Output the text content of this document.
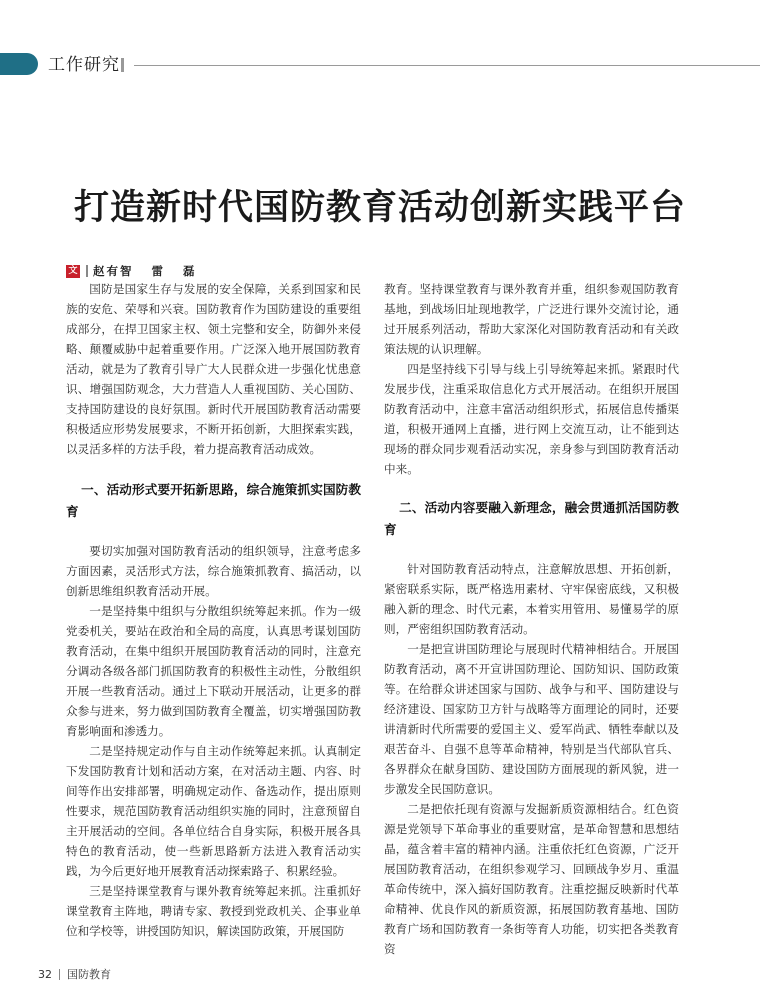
工作研究
打造新时代国防教育活动创新实践平台
文 赵有智   雷   磊

国防是国家生存与发展的安全保障，关系到国家和民族的安危、荣辱和兴衰。国防教育作为国防建设的重要组成部分，在捍卫国家主权、领土完整和安全，防御外来侵略、颠覆威胁中起着重要作用。广泛深入地开展国防教育活动，就是为了教育引导广大人民群众进一步强化忧患意识、增强国防观念，大力营造人人重视国防、关心国防、支持国防建设的良好氛围。新时代开展国防教育活动需要积极适应形势发展要求，不断开拓创新，大胆探索实践，以灵活多样的方法手段，着力提高教育活动成效。

一、活动形式要开拓新思路，综合施策抓实国防教育

要切实加强对国防教育活动的组织领导，注意考虑多方面因素，灵活形式方法，综合施策抓教育、搞活动，以创新思维组织教育活动开展。

一是坚持集中组织与分散组织统筹起来抓。作为一级党委机关，要站在政治和全局的高度，认真思考谋划国防教育活动，在集中组织开展国防教育活动的同时，注意充分调动各级各部门抓国防教育的积极性主动性，分散组织开展一些教育活动。通过上下联动开展活动，让更多的群众参与进来，努力做到国防教育全覆盖，切实增强国防教育影响面和渗透力。

二是坚持规定动作与自主动作统筹起来抓。认真制定下发国防教育计划和活动方案，在对活动主题、内容、时间等作出安排部署，明确规定动作、备选动作，提出原则性要求，规范国防教育活动组织实施的同时，注意预留自主开展活动的空间。各单位结合自身实际，积极开展各具特色的教育活动，使一些新思路新方法进入教育活动实践，为今后更好地开展教育活动探索路子、积累经验。

三是坚持课堂教育与课外教育统筹起来抓。注重抓好课堂教育主阵地，聘请专家、教授到党政机关、企事业单位和学校等，讲授国防知识，解读国防政策，开展国防

教育。坚持课堂教育与课外教育并重，组织参观国防教育基地，到战场旧址现地教学，广泛进行课外交流讨论，通过开展系列活动，帮助大家深化对国防教育活动和有关政策法规的认识理解。

四是坚持线下引导与线上引导统筹起来抓。紧跟时代发展步伐，注重采取信息化方式开展活动。在组织开展国防教育活动中，注意丰富活动组织形式，拓展信息传播渠道，积极开通网上直播，进行网上交流互动，让不能到达现场的群众同步观看活动实况，亲身参与到国防教育活动中来。

二、活动内容要融入新理念，融会贯通抓活国防教育

针对国防教育活动特点，注意解放思想、开拓创新，紧密联系实际，既严格选用素材、守牢保密底线，又积极融入新的理念、时代元素，本着实用管用、易懂易学的原则，严密组织国防教育活动。

一是把宣讲国防理论与展现时代精神相结合。开展国防教育活动，离不开宣讲国防理论、国防知识、国防政策等。在给群众讲述国家与国防、战争与和平、国防建设与经济建设、国家防卫方针与战略等方面理论的同时，还要讲清新时代所需要的爱国主义、爱军尚武、牺牲奉献以及艰苦奋斗、自强不息等革命精神，特别是当代部队官兵、各界群众在献身国防、建设国防方面展现的新风貌，进一步激发全民国防意识。

二是把依托现有资源与发掘新质资源相结合。红色资源是党领导下革命事业的重要财富，是革命智慧和思想结晶，蕴含着丰富的精神内涵。注重依托红色资源，广泛开展国防教育活动，在组织参观学习、回顾战争岁月、重温革命传统中，深入搞好国防教育。注重挖掘反映新时代革命精神、优良作风的新质资源，拓展国防教育基地、国防教育广场和国防教育一条街等育人功能，切实把各类教育资

32 国防教育
